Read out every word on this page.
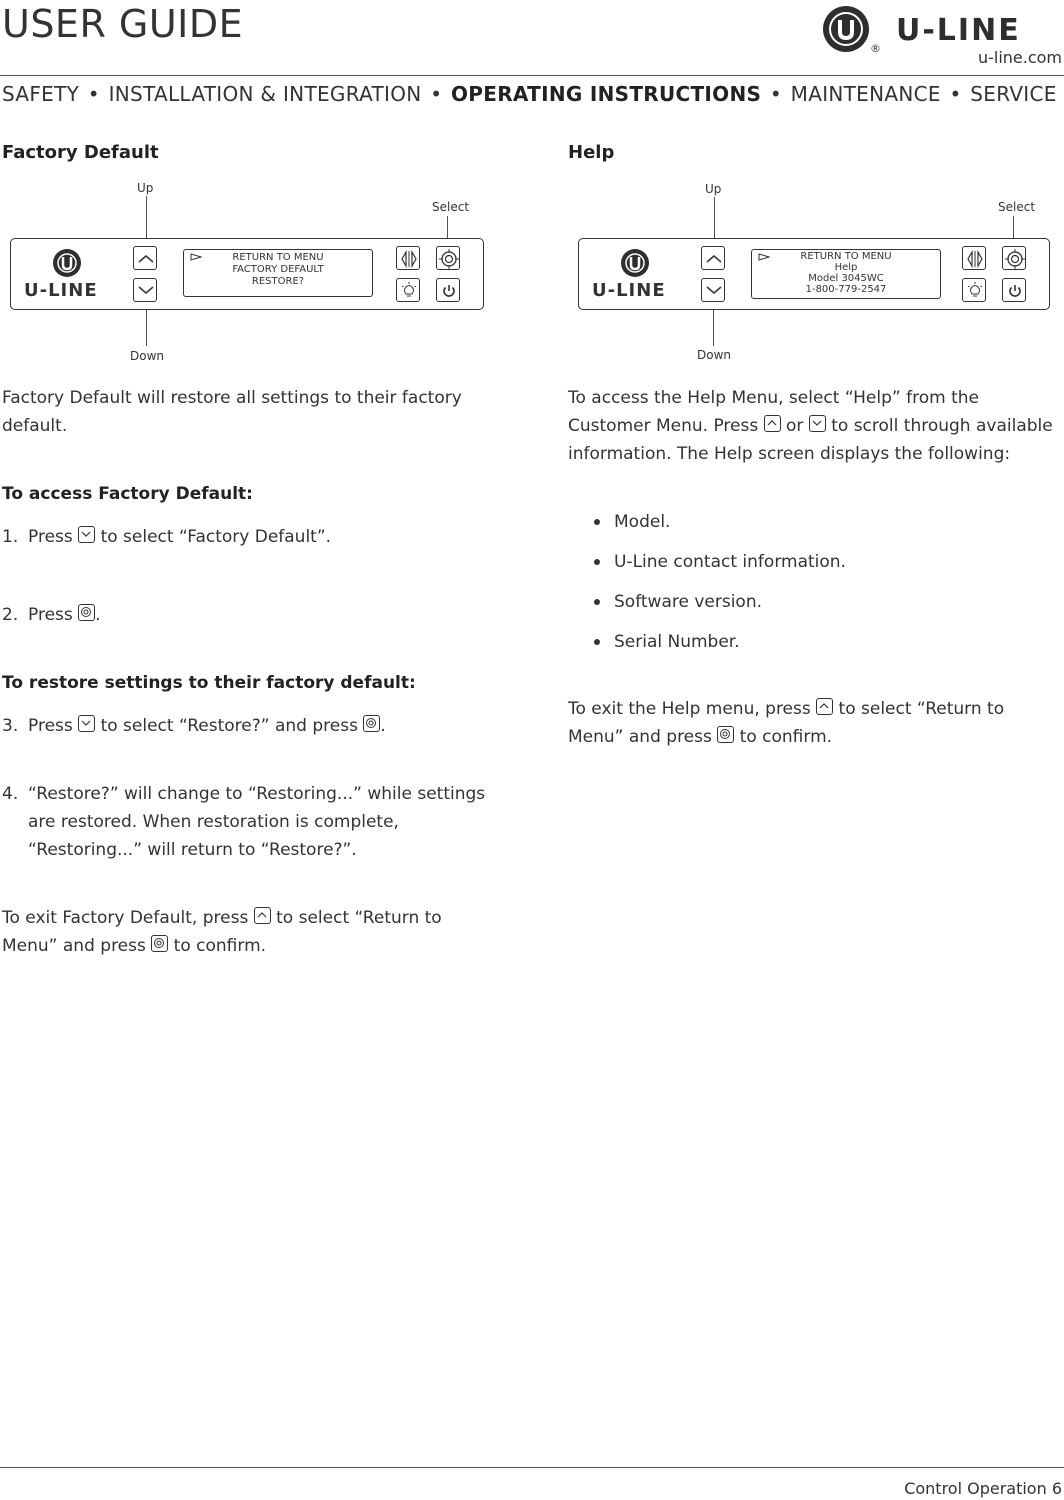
USER GUIDE	U-LINE
®	u-line.com
SAFETY • INSTALLATION & INTEGRATION • OPERATING INSTRUCTIONS • MAINTENANCE • SERVICE
Factory Default
Up
Select
Down
U-LINE
RETURN TO MENU
FACTORY DEFAULT
RESTORE?
Factory Default will restore all settings to their factory default.
To access Factory Default:
1. Press to select “Factory Default”.
2. Press .
To restore settings to their factory default:
3. Press to select “Restore?” and press .
4. “Restore?” will change to “Restoring...” while settings are restored. When restoration is complete, “Restoring...” will return to “Restore?”.
To exit Factory Default, press to select “Return to Menu” and press to confirm.
Help
Up
Select
Down
U-LINE
RETURN TO MENU
Help
Model 3045WC
1-800-779-2547
To access the Help Menu, select “Help” from the Customer Menu. Press or to scroll through available information. The Help screen displays the following:
Model.
U-Line contact information.
Software version.
Serial Number.
To exit the Help menu, press to select “Return to Menu” and press to confirm.
Control Operation 6
